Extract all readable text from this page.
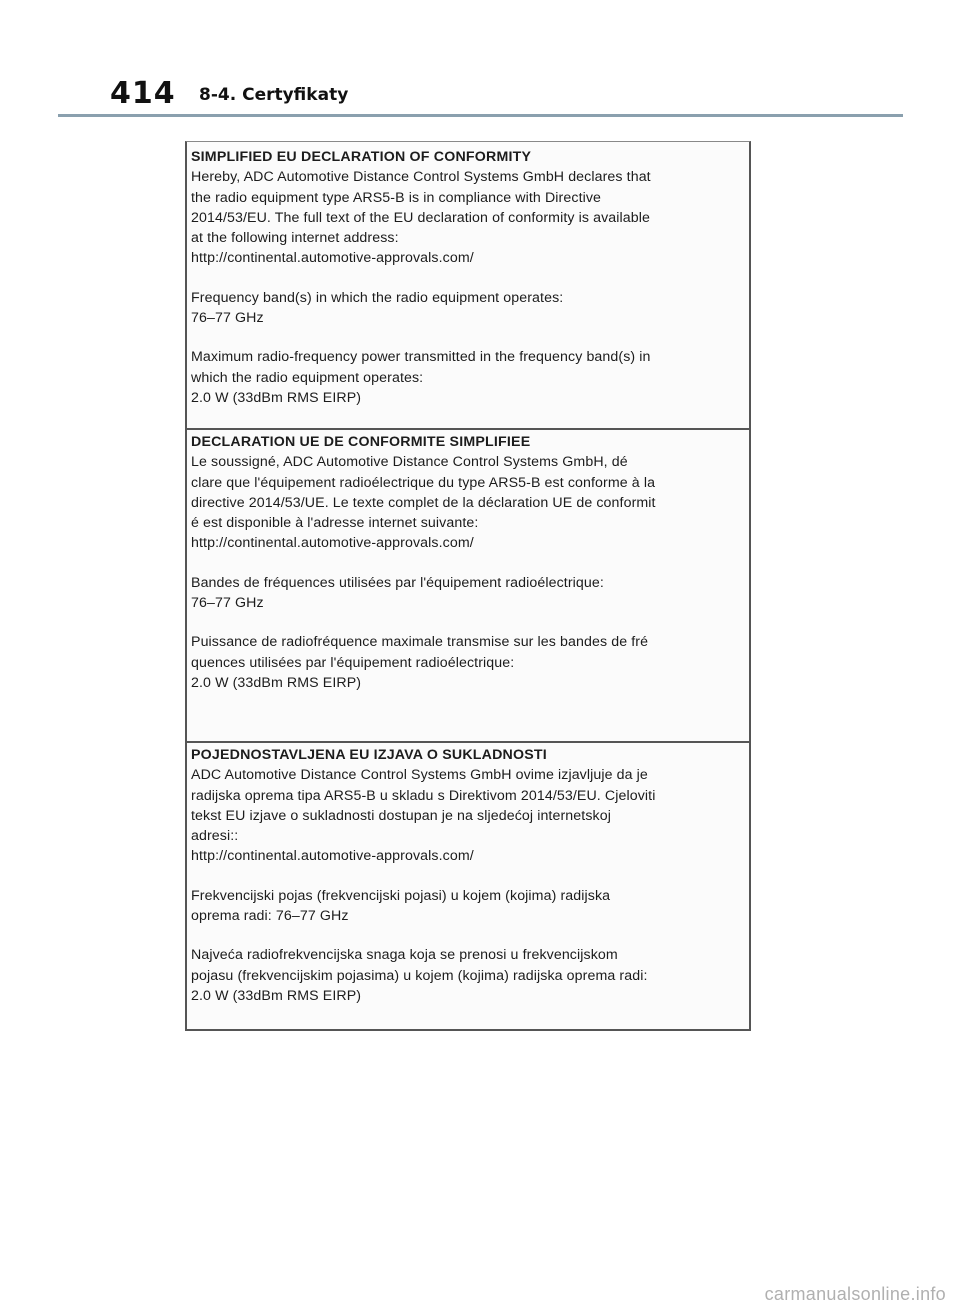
414 8-4. Certyfikaty
SIMPLIFIED EU DECLARATION OF CONFORMITY
Hereby, ADC Automotive Distance Control Systems GmbH declares that
the radio equipment type ARS5-B is in compliance with Directive
2014/53/EU. The full text of the EU declaration of conformity is available
at the following internet address:
http://continental.automotive-approvals.com/
Frequency band(s) in which the radio equipment operates:
76–77 GHz
Maximum radio-frequency power transmitted in the frequency band(s) in
which the radio equipment operates:
2.0 W (33dBm RMS EIRP)
DECLARATION UE DE CONFORMITE SIMPLIFIEE
Le soussigné, ADC Automotive Distance Control Systems GmbH, dé
clare que l'équipement radioélectrique du type ARS5-B est conforme à la
directive 2014/53/UE. Le texte complet de la déclaration UE de conformit
é est disponible à l'adresse internet suivante:
http://continental.automotive-approvals.com/
Bandes de fréquences utilisées par l'équipement radioélectrique:
76–77 GHz
Puissance de radiofréquence maximale transmise sur les bandes de fré
quences utilisées par l'équipement radioélectrique:
2.0 W (33dBm RMS EIRP)
POJEDNOSTAVLJENA EU IZJAVA O SUKLADNOSTI
ADC Automotive Distance Control Systems GmbH ovime izjavljuje da je
radijska oprema tipa ARS5-B u skladu s Direktivom 2014/53/EU. Cjeloviti
tekst EU izjave o sukladnosti dostupan je na sljedećoj internetskoj
adresi::
http://continental.automotive-approvals.com/
Frekvencijski pojas (frekvencijski pojasi) u kojem (kojima) radijska
oprema radi: 76–77 GHz
Najveća radiofrekvencijska snaga koja se prenosi u frekvencijskom
pojasu (frekvencijskim pojasima) u kojem (kojima) radijska oprema radi:
2.0 W (33dBm RMS EIRP)
carmanualsonline.info
